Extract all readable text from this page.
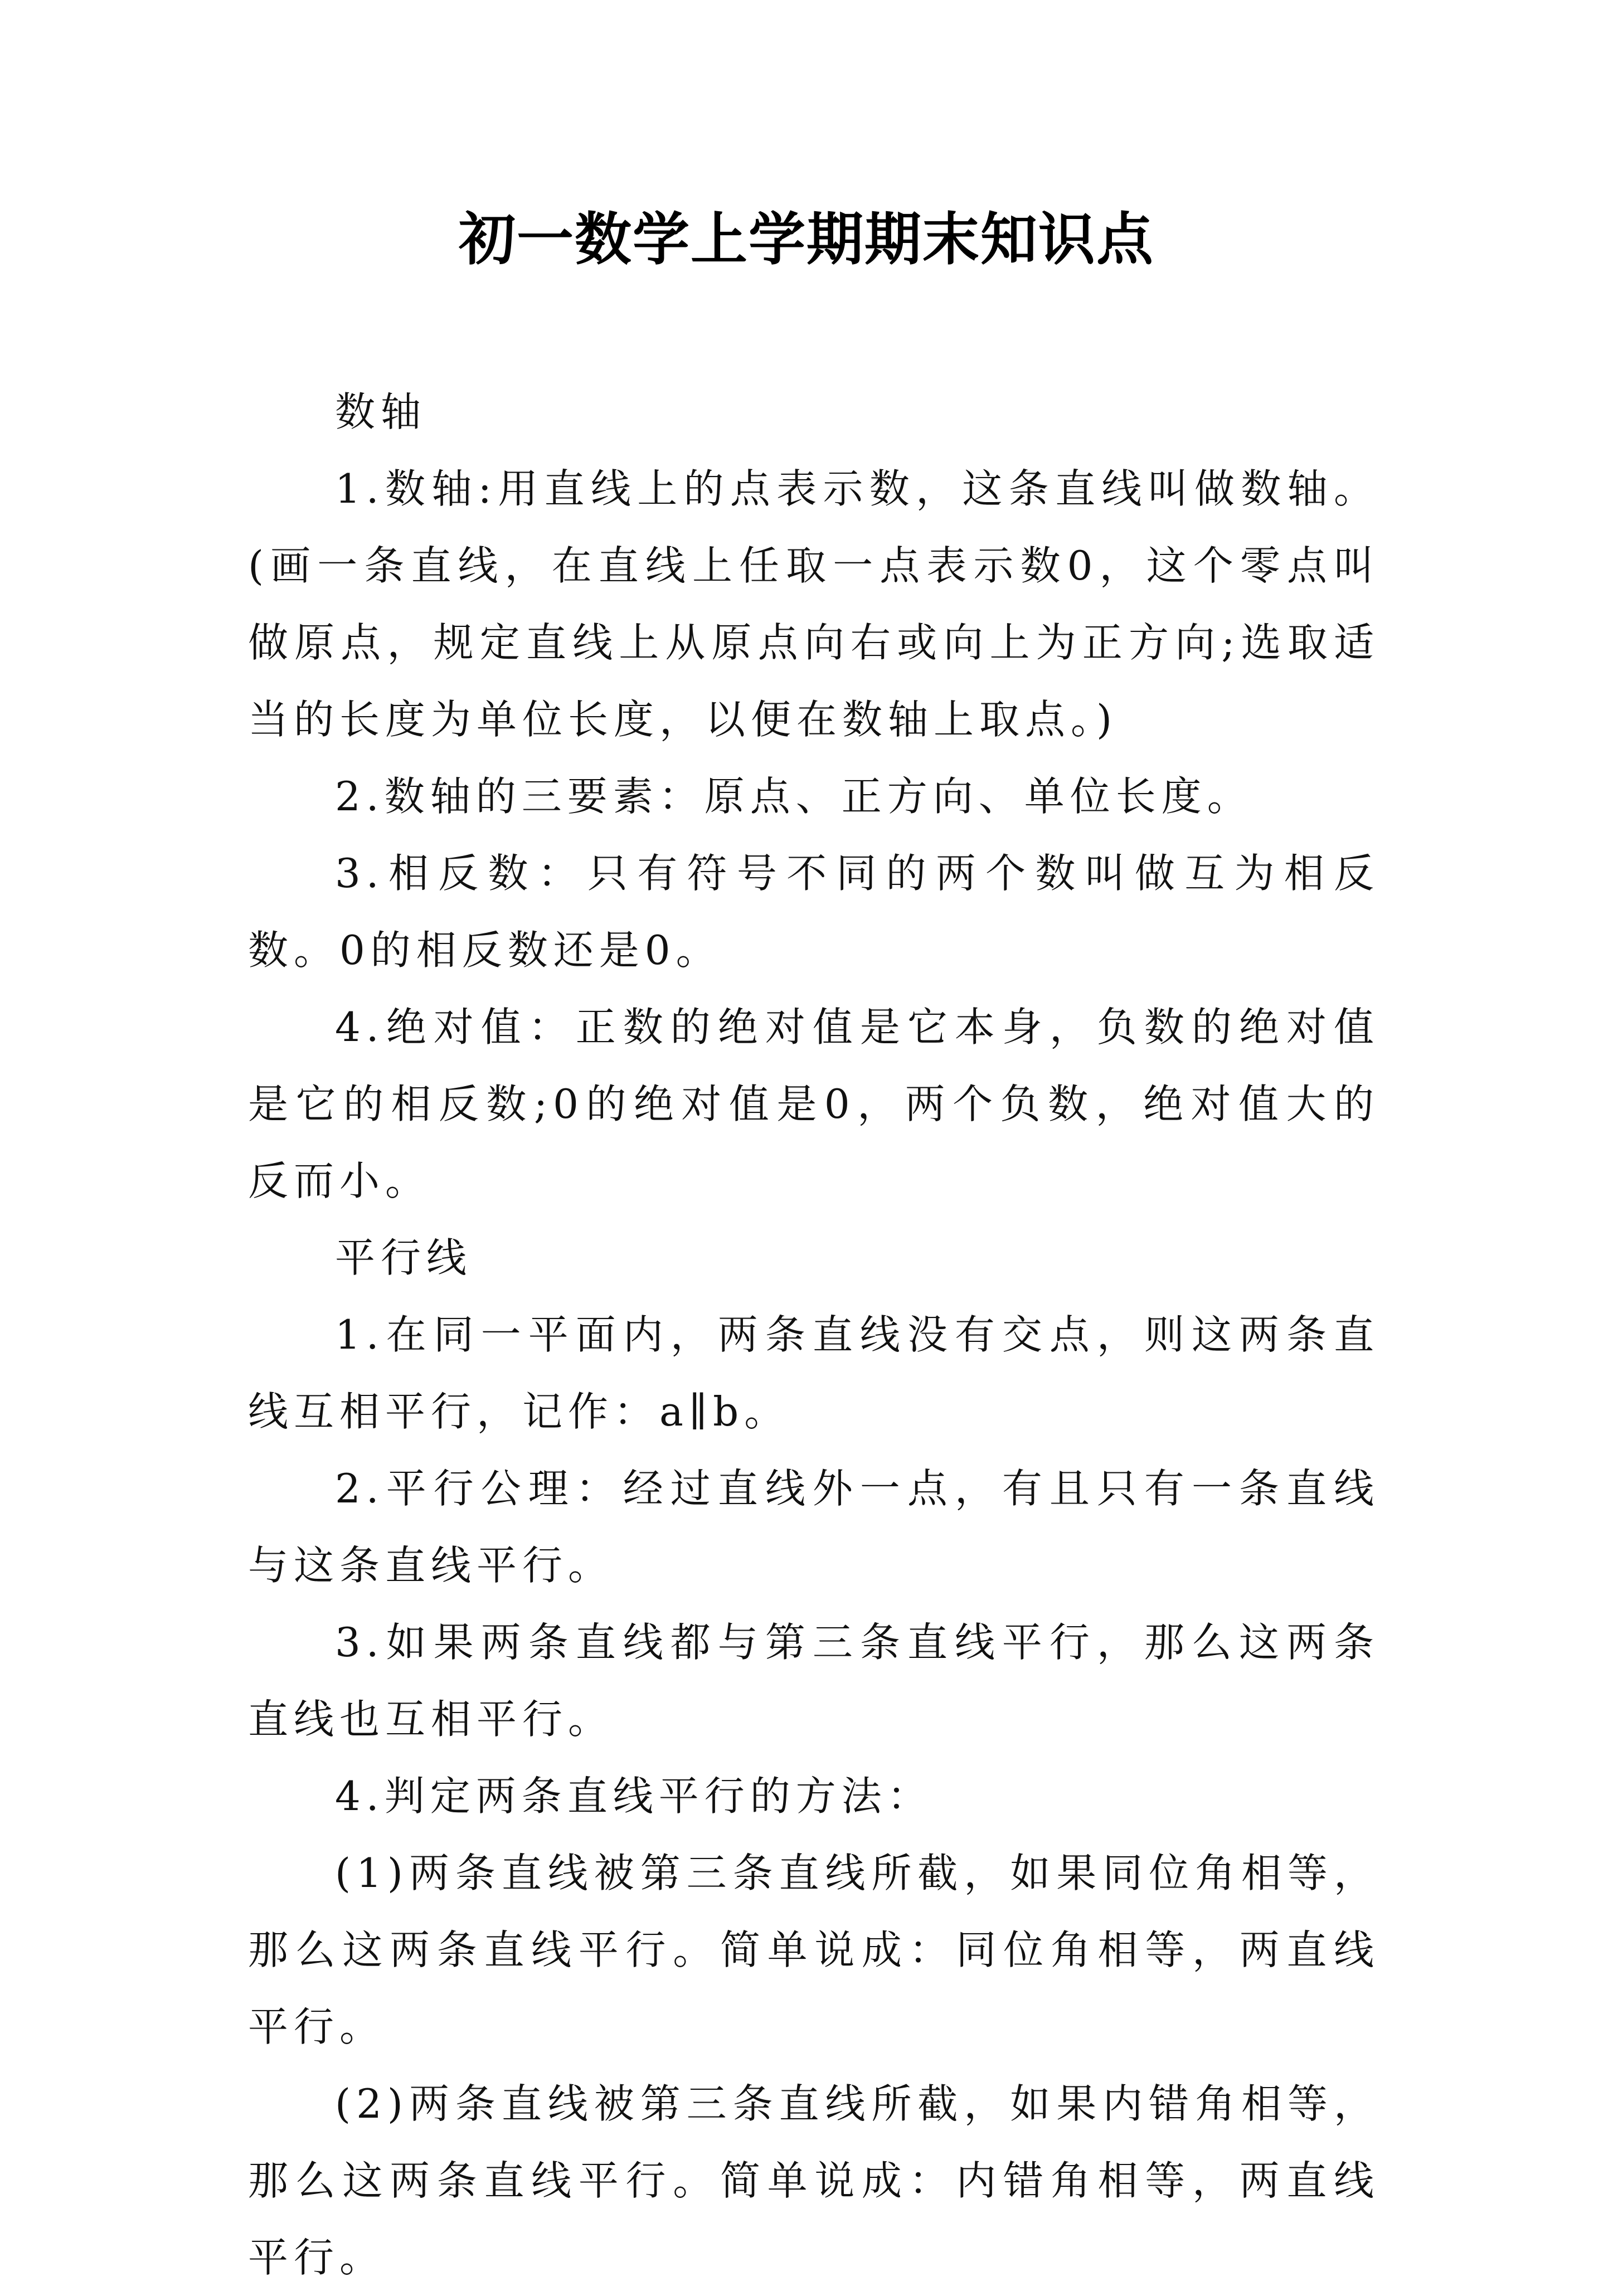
初一数学上学期期末知识点

数轴

1.数轴:用直线上的点表示数，这条直线叫做数轴。(画一条直线，在直线上任取一点表示数0，这个零点叫做原点，规定直线上从原点向右或向上为正方向;选取适当的长度为单位长度，以便在数轴上取点。)

2.数轴的三要素：原点、正方向、单位长度。

3.相反数：只有符号不同的两个数叫做互为相反数。0的相反数还是0。

4.绝对值：正数的绝对值是它本身，负数的绝对值是它的相反数;0的绝对值是0，两个负数，绝对值大的反而小。

平行线

1.在同一平面内，两条直线没有交点，则这两条直线互相平行，记作：a∥b。

2.平行公理：经过直线外一点，有且只有一条直线与这条直线平行。

3.如果两条直线都与第三条直线平行，那么这两条直线也互相平行。

4.判定两条直线平行的方法：

(1)两条直线被第三条直线所截，如果同位角相等，那么这两条直线平行。简单说成：同位角相等，两直线平行。

(2)两条直线被第三条直线所截，如果内错角相等，那么这两条直线平行。简单说成：内错角相等，两直线平行。
